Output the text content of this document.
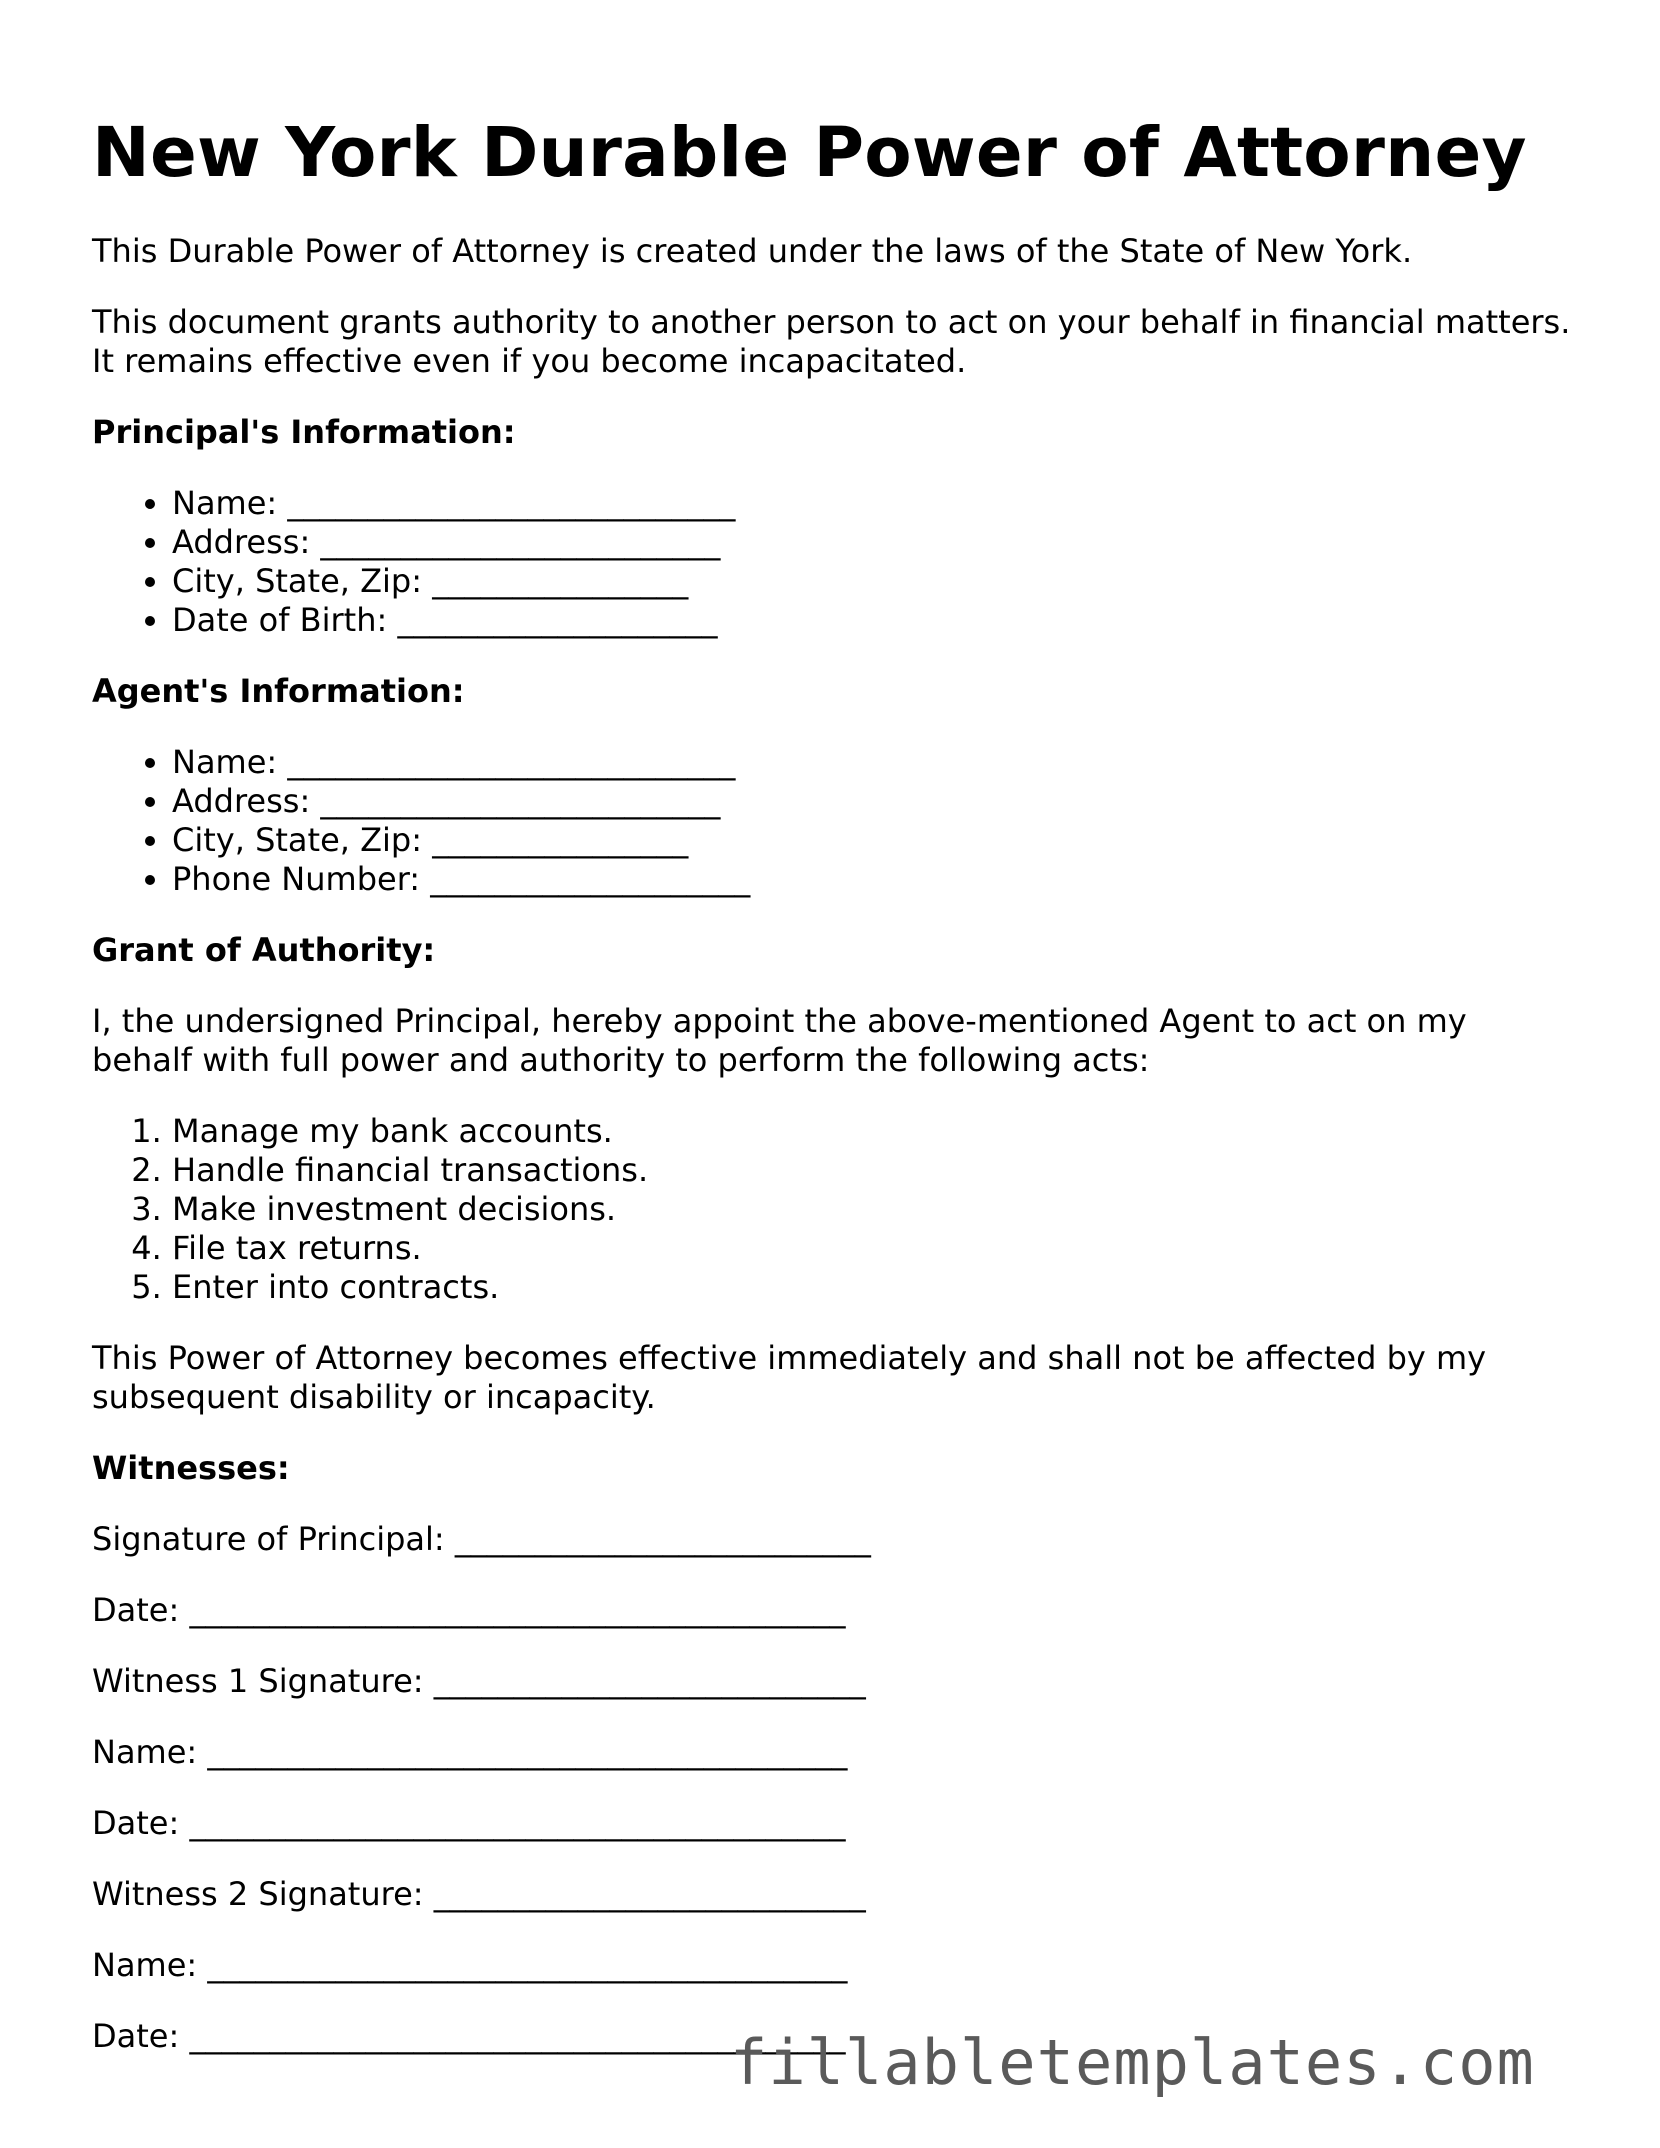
New York Durable Power of Attorney

This Durable Power of Attorney is created under the laws of the State of New York.

This document grants authority to another person to act on your behalf in financial matters. It remains effective even if you become incapacitated.

Principal's Information:

• Name: ____________________________
• Address: _________________________
• City, State, Zip: ________________
• Date of Birth: ____________________

Agent's Information:

• Name: ____________________________
• Address: _________________________
• City, State, Zip: ________________
• Phone Number: ____________________

Grant of Authority:

I, the undersigned Principal, hereby appoint the above-mentioned Agent to act on my behalf with full power and authority to perform the following acts:

1. Manage my bank accounts.
2. Handle financial transactions.
3. Make investment decisions.
4. File tax returns.
5. Enter into contracts.

This Power of Attorney becomes effective immediately and shall not be affected by my subsequent disability or incapacity.

Witnesses:

Signature of Principal: __________________________

Date: _________________________________________

Witness 1 Signature: ___________________________

Name: ________________________________________

Date: _________________________________________

Witness 2 Signature: ___________________________

Name: ________________________________________

Date: _________________________________________

fillabletemplates.com
